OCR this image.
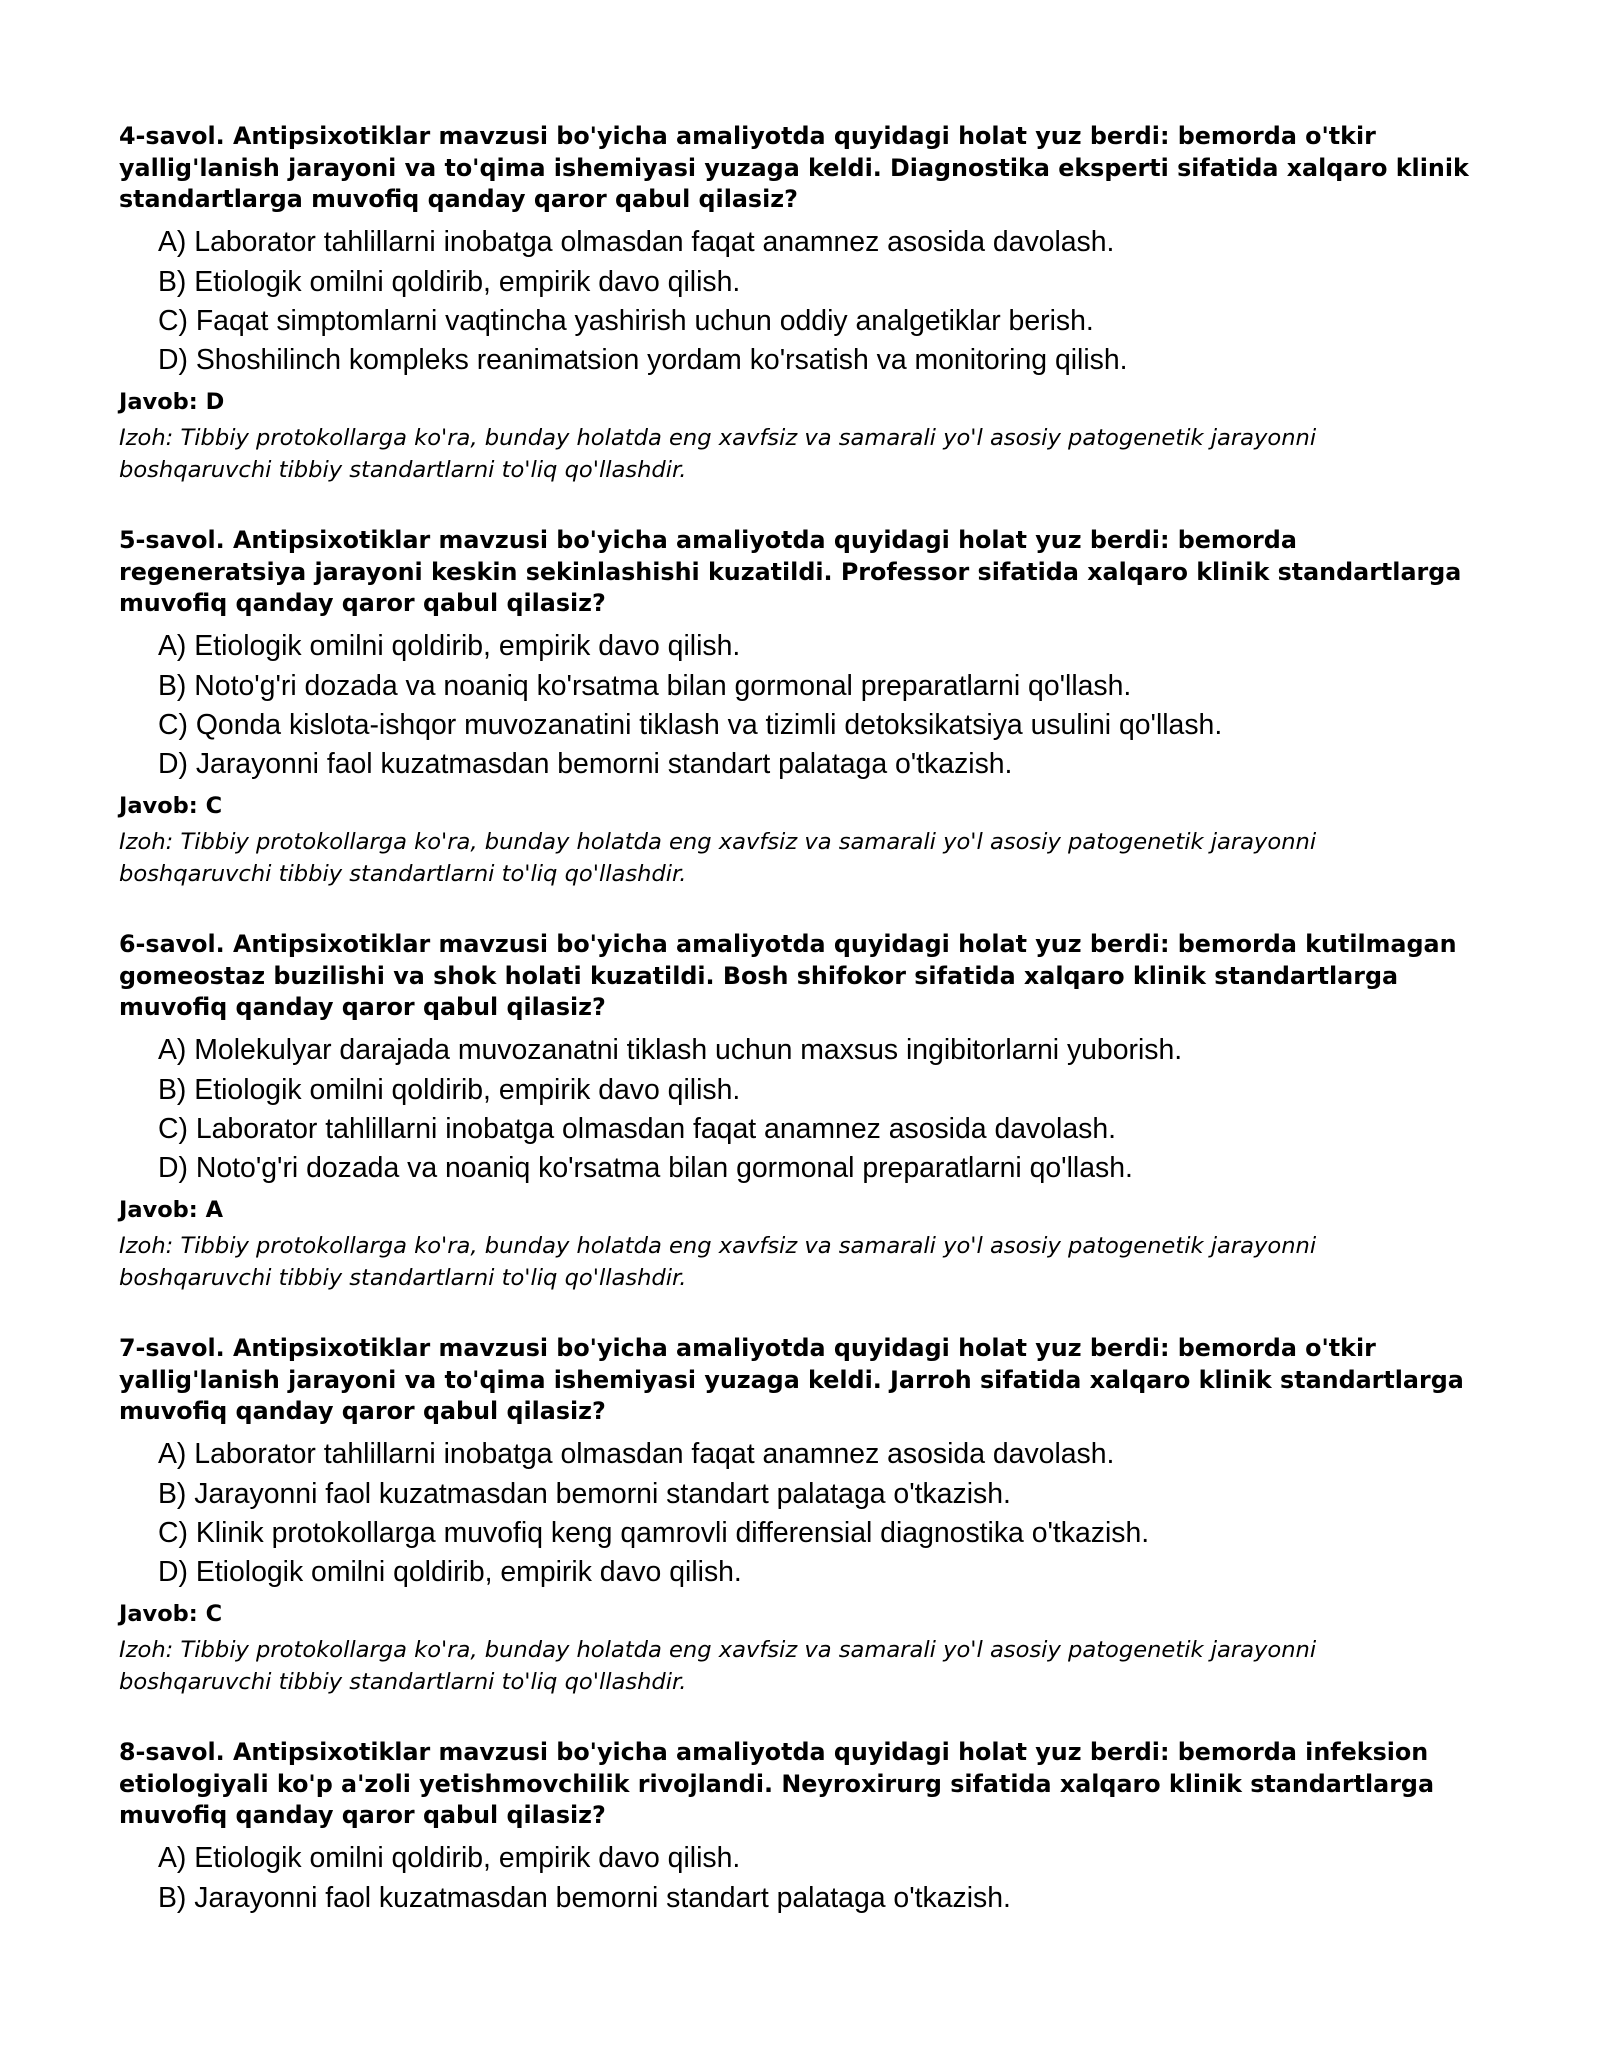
4-savol. Antipsixotiklar mavzusi bo'yicha amaliyotda quyidagi holat yuz berdi: bemorda o'tkir
yallig'lanish jarayoni va to'qima ishemiyasi yuzaga keldi. Diagnostika eksperti sifatida xalqaro klinik
standartlarga muvofiq qanday qaror qabul qilasiz?
A) Laborator tahlillarni inobatga olmasdan faqat anamnez asosida davolash.
B) Etiologik omilni qoldirib, empirik davo qilish.
C) Faqat simptomlarni vaqtincha yashirish uchun oddiy analgetiklar berish.
D) Shoshilinch kompleks reanimatsion yordam ko'rsatish va monitoring qilish.
Javob: D
Izoh: Tibbiy protokollarga ko'ra, bunday holatda eng xavfsiz va samarali yo'l asosiy patogenetik jarayonni
boshqaruvchi tibbiy standartlarni to'liq qo'llashdir.
5-savol. Antipsixotiklar mavzusi bo'yicha amaliyotda quyidagi holat yuz berdi: bemorda
regeneratsiya jarayoni keskin sekinlashishi kuzatildi. Professor sifatida xalqaro klinik standartlarga
muvofiq qanday qaror qabul qilasiz?
A) Etiologik omilni qoldirib, empirik davo qilish.
B) Noto'g'ri dozada va noaniq ko'rsatma bilan gormonal preparatlarni qo'llash.
C) Qonda kislota-ishqor muvozanatini tiklash va tizimli detoksikatsiya usulini qo'llash.
D) Jarayonni faol kuzatmasdan bemorni standart palataga o'tkazish.
Javob: C
Izoh: Tibbiy protokollarga ko'ra, bunday holatda eng xavfsiz va samarali yo'l asosiy patogenetik jarayonni
boshqaruvchi tibbiy standartlarni to'liq qo'llashdir.
6-savol. Antipsixotiklar mavzusi bo'yicha amaliyotda quyidagi holat yuz berdi: bemorda kutilmagan
gomeostaz buzilishi va shok holati kuzatildi. Bosh shifokor sifatida xalqaro klinik standartlarga
muvofiq qanday qaror qabul qilasiz?
A) Molekulyar darajada muvozanatni tiklash uchun maxsus ingibitorlarni yuborish.
B) Etiologik omilni qoldirib, empirik davo qilish.
C) Laborator tahlillarni inobatga olmasdan faqat anamnez asosida davolash.
D) Noto'g'ri dozada va noaniq ko'rsatma bilan gormonal preparatlarni qo'llash.
Javob: A
Izoh: Tibbiy protokollarga ko'ra, bunday holatda eng xavfsiz va samarali yo'l asosiy patogenetik jarayonni
boshqaruvchi tibbiy standartlarni to'liq qo'llashdir.
7-savol. Antipsixotiklar mavzusi bo'yicha amaliyotda quyidagi holat yuz berdi: bemorda o'tkir
yallig'lanish jarayoni va to'qima ishemiyasi yuzaga keldi. Jarroh sifatida xalqaro klinik standartlarga
muvofiq qanday qaror qabul qilasiz?
A) Laborator tahlillarni inobatga olmasdan faqat anamnez asosida davolash.
B) Jarayonni faol kuzatmasdan bemorni standart palataga o'tkazish.
C) Klinik protokollarga muvofiq keng qamrovli differensial diagnostika o'tkazish.
D) Etiologik omilni qoldirib, empirik davo qilish.
Javob: C
Izoh: Tibbiy protokollarga ko'ra, bunday holatda eng xavfsiz va samarali yo'l asosiy patogenetik jarayonni
boshqaruvchi tibbiy standartlarni to'liq qo'llashdir.
8-savol. Antipsixotiklar mavzusi bo'yicha amaliyotda quyidagi holat yuz berdi: bemorda infeksion
etiologiyali ko'p a'zoli yetishmovchilik rivojlandi. Neyroxirurg sifatida xalqaro klinik standartlarga
muvofiq qanday qaror qabul qilasiz?
A) Etiologik omilni qoldirib, empirik davo qilish.
B) Jarayonni faol kuzatmasdan bemorni standart palataga o'tkazish.
